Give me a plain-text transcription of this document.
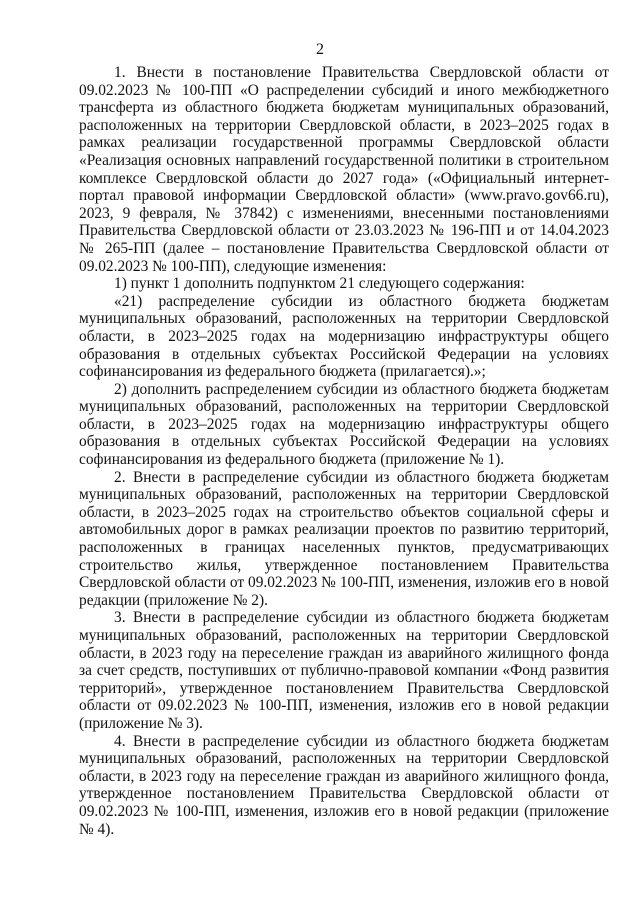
2

1. Внести в постановление Правительства Свердловской области от 09.02.2023 № 100-ПП «О распределении субсидий и иного межбюджетного трансферта из областного бюджета бюджетам муниципальных образований, расположенных на территории Свердловской области, в 2023–2025 годах в рамках реализации государственной программы Свердловской области «Реализация основных направлений государственной политики в строительном комплексе Свердловской области до 2027 года» («Официальный интернет-портал правовой информации Свердловской области» (www.pravo.gov66.ru), 2023, 9 февраля, № 37842) с изменениями, внесенными постановлениями Правительства Свердловской области от 23.03.2023 № 196-ПП и от 14.04.2023 № 265-ПП (далее – постановление Правительства Свердловской области от 09.02.2023 № 100-ПП), следующие изменения:

1) пункт 1 дополнить подпунктом 21 следующего содержания:

«21) распределение субсидии из областного бюджета бюджетам муниципальных образований, расположенных на территории Свердловской области, в 2023–2025 годах на модернизацию инфраструктуры общего образования в отдельных субъектах Российской Федерации на условиях софинансирования из федерального бюджета (прилагается).»;

2) дополнить распределением субсидии из областного бюджета бюджетам муниципальных образований, расположенных на территории Свердловской области, в 2023–2025 годах на модернизацию инфраструктуры общего образования в отдельных субъектах Российской Федерации на условиях софинансирования из федерального бюджета (приложение № 1).

2. Внести в распределение субсидии из областного бюджета бюджетам муниципальных образований, расположенных на территории Свердловской области, в 2023–2025 годах на строительство объектов социальной сферы и автомобильных дорог в рамках реализации проектов по развитию территорий, расположенных в границах населенных пунктов, предусматривающих строительство жилья, утвержденное постановлением Правительства Свердловской области от 09.02.2023 № 100-ПП, изменения, изложив его в новой редакции (приложение № 2).

3. Внести в распределение субсидии из областного бюджета бюджетам муниципальных образований, расположенных на территории Свердловской области, в 2023 году на переселение граждан из аварийного жилищного фонда за счет средств, поступивших от публично-правовой компании «Фонд развития территорий», утвержденное постановлением Правительства Свердловской области от 09.02.2023 № 100-ПП, изменения, изложив его в новой редакции (приложение № 3).

4. Внести в распределение субсидии из областного бюджета бюджетам муниципальных образований, расположенных на территории Свердловской области, в 2023 году на переселение граждан из аварийного жилищного фонда, утвержденное постановлением Правительства Свердловской области от 09.02.2023 № 100-ПП, изменения, изложив его в новой редакции (приложение № 4).
